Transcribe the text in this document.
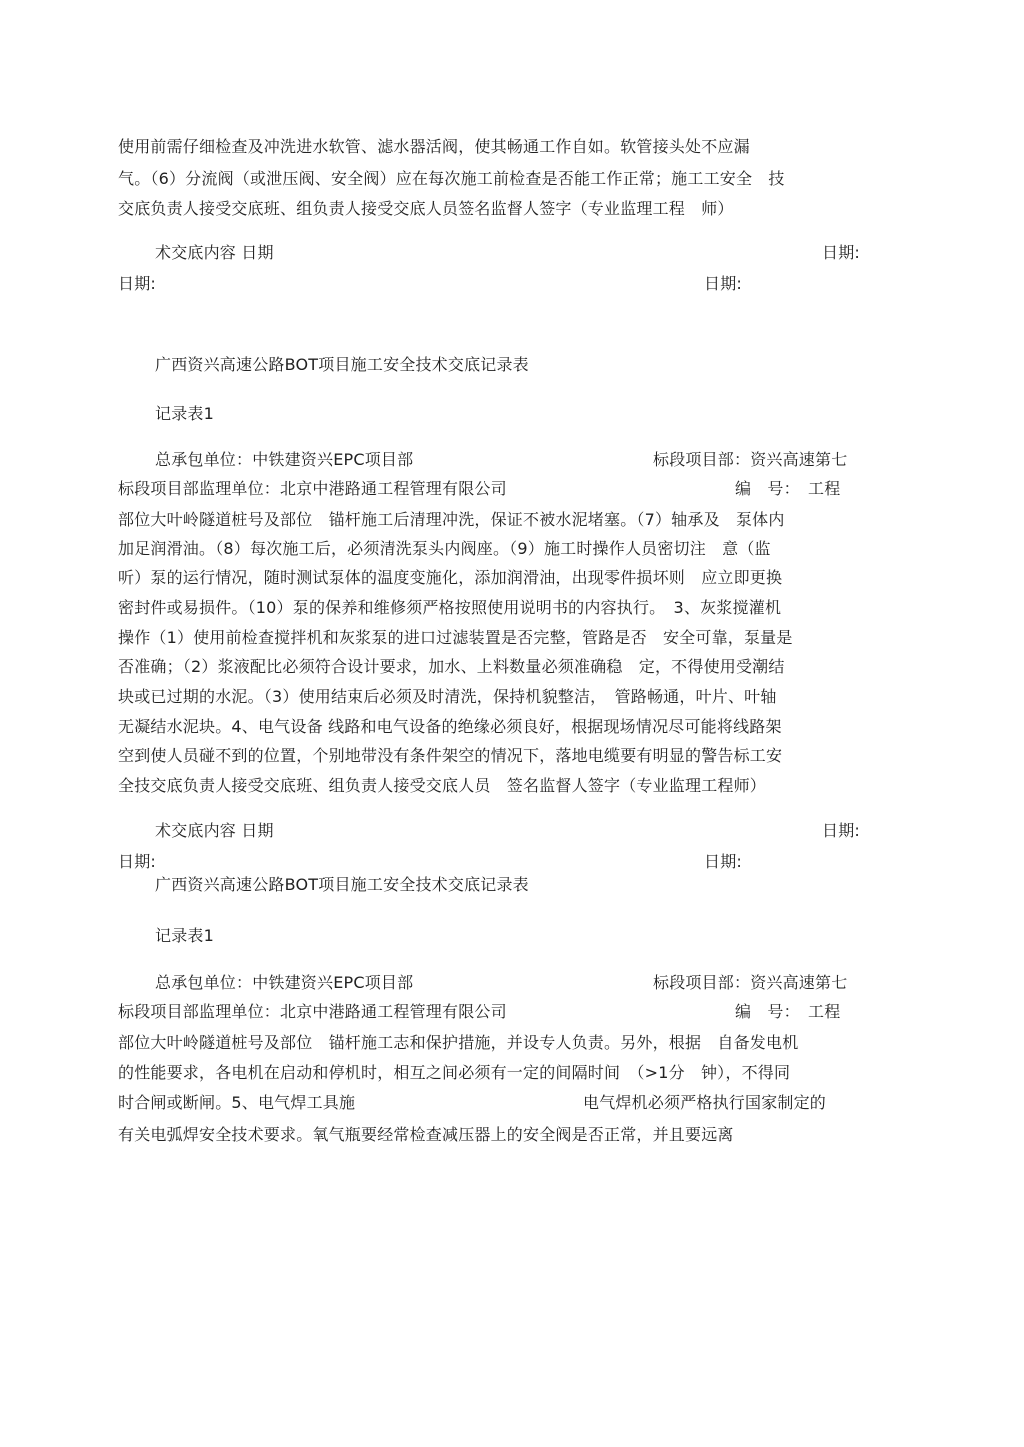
使用前需仔细检查及冲洗进水软管、滤水器活阀，使其畅通工作自如。软管接头处不应漏
气。（6）分流阀（或泄压阀、安全阀）应在每次施工前检查是否能工作正常；施工工安全　技
交底负责人接受交底班、组负责人接受交底人员签名监督人签字（专业监理工程　师）
术交底内容 日期	日期:
日期:	日期:
广西资兴高速公路BOT项目施工安全技术交底记录表
记录表1
总承包单位：中铁建资兴EPC项目部	标段项目部：资兴高速第七
标段项目部监理单位：北京中港路通工程管理有限公司	编　号：　工程
部位大叶岭隧道桩号及部位　锚杆施工后清理冲洗，保证不被水泥堵塞。（7）轴承及　泵体内
加足润滑油。（8）每次施工后，必须清洗泵头内阀座。（9）施工时操作人员密切注　意（监
听）泵的运行情况，随时测试泵体的温度变施化，添加润滑油，出现零件损坏则　应立即更换
密封件或易损件。（10）泵的保养和维修须严格按照使用说明书的内容执行。　3、灰浆搅灌机
操作（1）使用前检查搅拌机和灰浆泵的进口过滤装置是否完整，管路是否　安全可靠，泵量是
否准确；（2）浆液配比必须符合设计要求，加水、上料数量必须准确稳　定，不得使用受潮结
块或已过期的水泥。（3）使用结束后必须及时清洗，保持机貌整洁，　管路畅通，叶片、叶轴
无凝结水泥块。4、电气设备 线路和电气设备的绝缘必须良好，根据现场情况尽可能将线路架
空到使人员碰不到的位置，个别地带没有条件架空的情况下，落地电缆要有明显的警告标工安
全技交底负责人接受交底班、组负责人接受交底人员　签名监督人签字（专业监理工程师）
术交底内容 日期	日期:
日期:	日期:
广西资兴高速公路BOT项目施工安全技术交底记录表
记录表1
总承包单位：中铁建资兴EPC项目部	标段项目部：资兴高速第七
标段项目部监理单位：北京中港路通工程管理有限公司	编　号：　工程
部位大叶岭隧道桩号及部位　锚杆施工志和保护措施，并设专人负责。另外，根据　自备发电机
的性能要求，各电机在启动和停机时，相互之间必须有一定的间隔时间　（>1分　钟），不得同
时合闸或断闸。5、电气焊工具施	电气焊机必须严格执行国家制定的
有关电弧焊安全技术要求。氧气瓶要经常检查减压器上的安全阀是否正常，并且要远离
